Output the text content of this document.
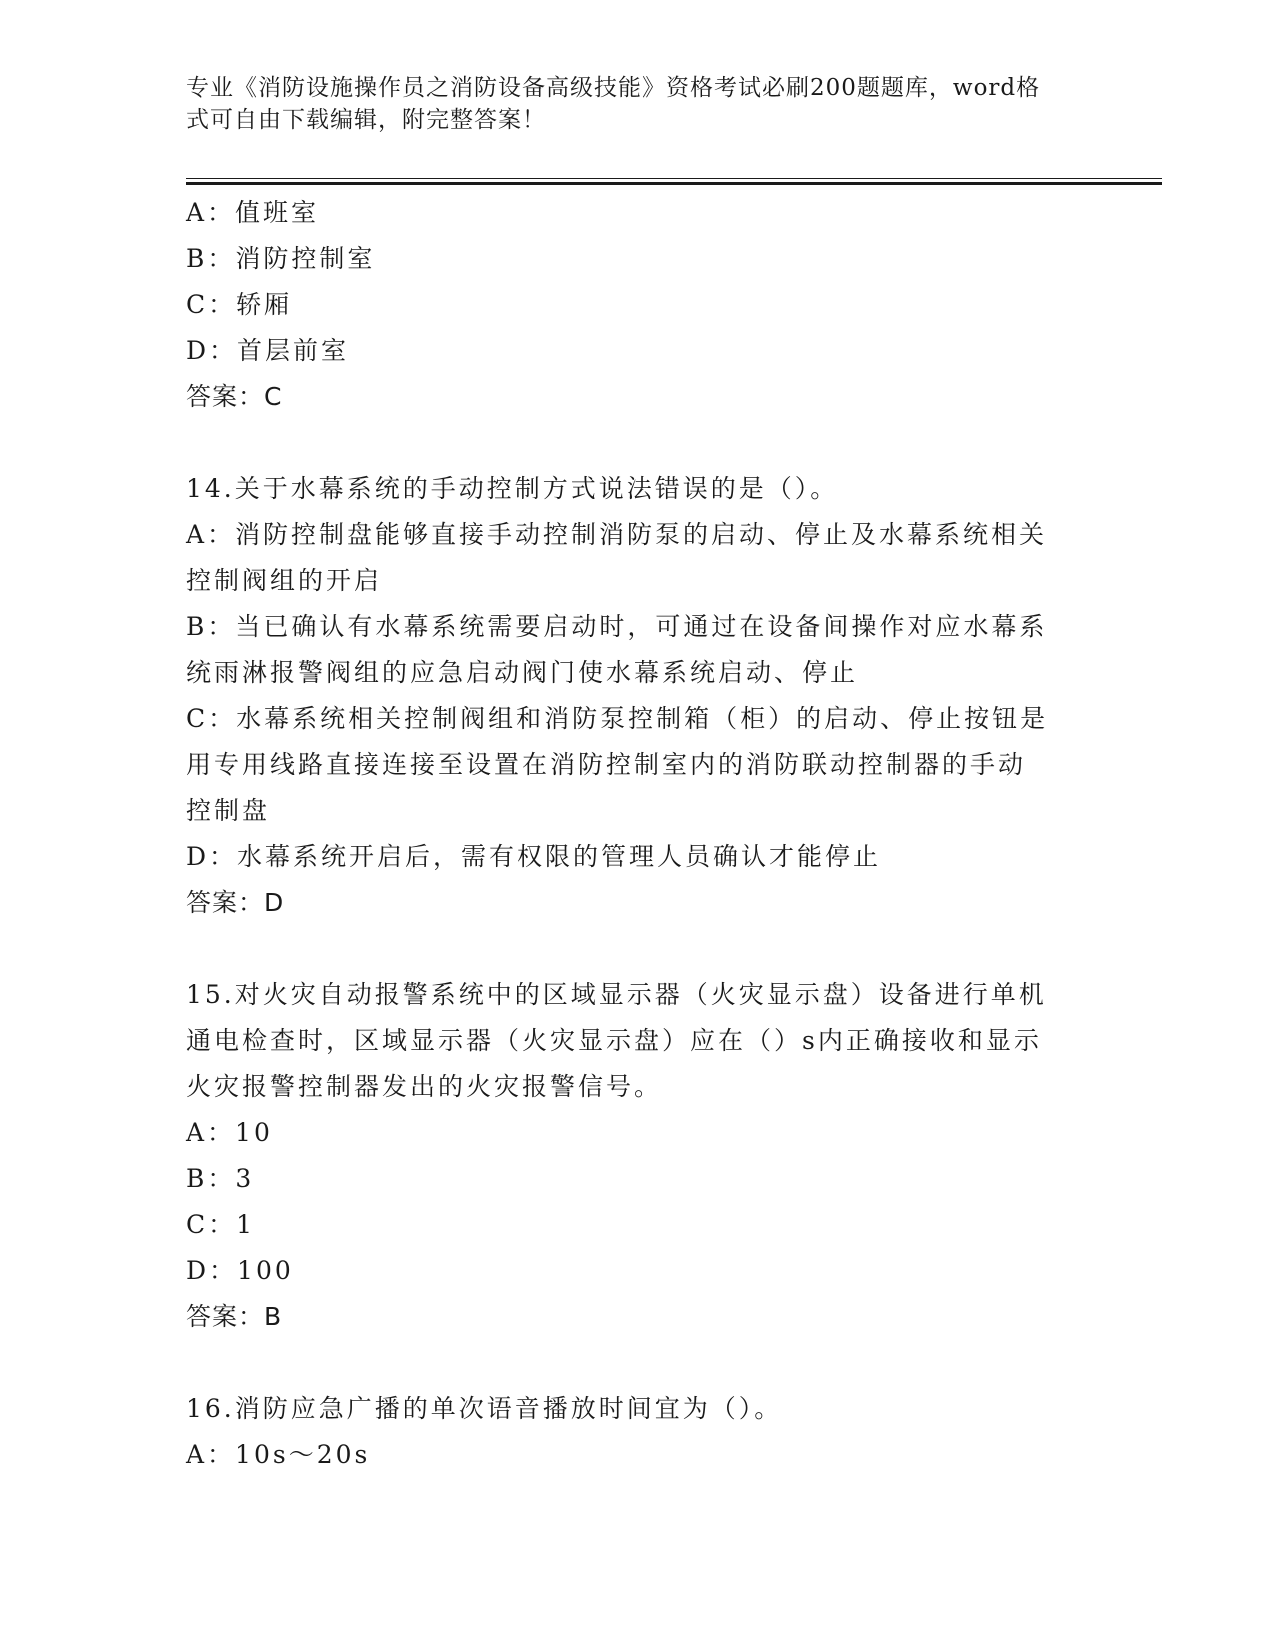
专业《消防设施操作员之消防设备高级技能》资格考试必刷200题题库，word格
式可自由下载编辑，附完整答案！
A：值班室
B：消防控制室
C：轿厢
D：首层前室
答案：C
14.关于水幕系统的手动控制方式说法错误的是（）。
A：消防控制盘能够直接手动控制消防泵的启动、停止及水幕系统相关
控制阀组的开启
B：当已确认有水幕系统需要启动时，可通过在设备间操作对应水幕系
统雨淋报警阀组的应急启动阀门使水幕系统启动、停止
C：水幕系统相关控制阀组和消防泵控制箱（柜）的启动、停止按钮是
用专用线路直接连接至设置在消防控制室内的消防联动控制器的手动
控制盘
D：水幕系统开启后，需有权限的管理人员确认才能停止
答案：D
15.对火灾自动报警系统中的区域显示器（火灾显示盘）设备进行单机
通电检查时，区域显示器（火灾显示盘）应在（）s内正确接收和显示
火灾报警控制器发出的火灾报警信号。
A：10
B：3
C：1
D：100
答案：B
16.消防应急广播的单次语音播放时间宜为（）。
A：10s～20s
